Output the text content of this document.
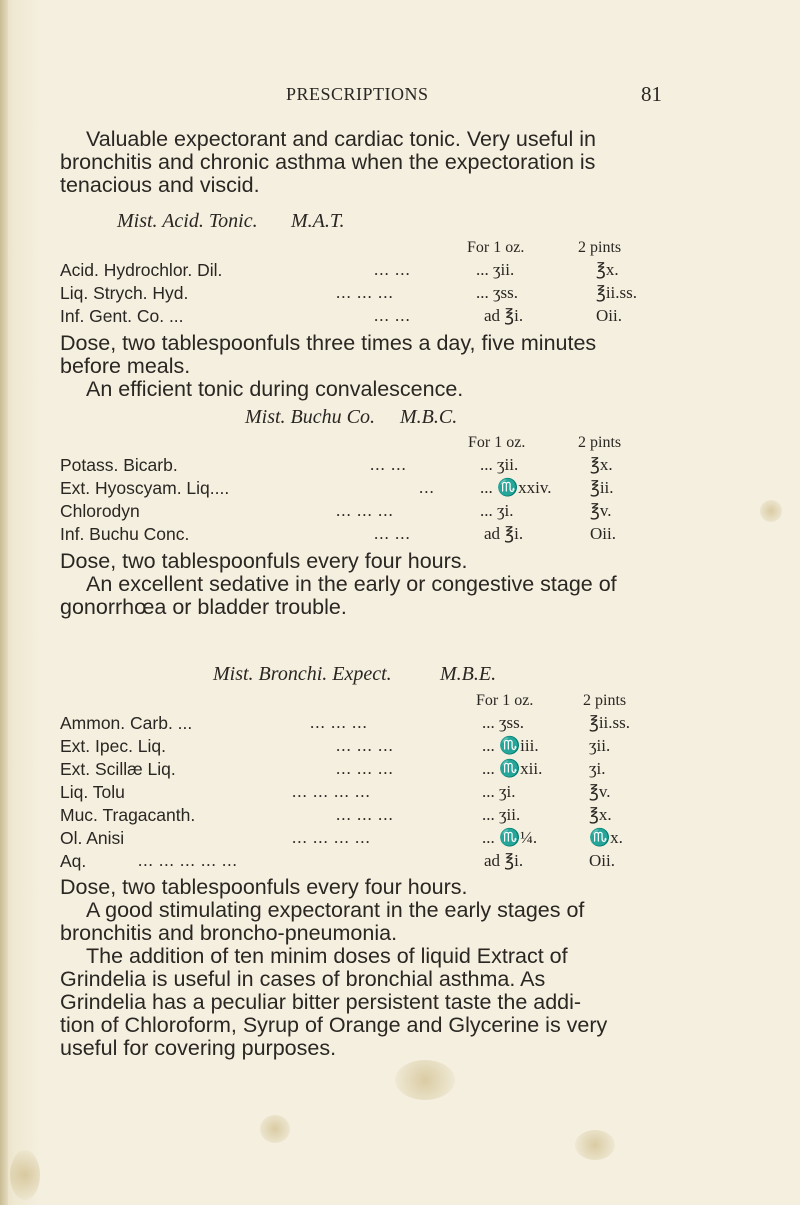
PRESCRIPTIONS	81
Valuable expectorant and cardiac tonic. Very useful in
bronchitis and chronic asthma when the expectoration is
tenacious and viscid.
Mist. Acid. Tonic. M.A.T.
For 1 oz.	2 pints
Acid. Hydrochlor. Dil.	... ...	... ʒii.	℥x.
Liq. Strych. Hyd.	... ... ...	... ʒss.	℥ii.ss.
Inf. Gent. Co. ...	... ...	ad ℥i.	Oii.
Dose, two tablespoonfuls three times a day, five minutes
before meals.
An efficient tonic during convalescence.
Mist. Buchu Co. M.B.C.
For 1 oz.	2 pints
Potass. Bicarb.	... ...	... ʒii.	℥x.
Ext. Hyoscyam. Liq....	...	... ♏xxiv. ℥ii.
Chlorodyn	... ... ...	... ʒi.	℥v.
Inf. Buchu Conc.	... ...	ad ℥i.	Oii.
Dose, two tablespoonfuls every four hours.
An excellent sedative in the early or congestive stage of
gonorrhœa or bladder trouble.
Mist. Bronchi. Expect. M.B.E.
For 1 oz.	2 pints
Ammon. Carb. ...	... ... ...	... ʒss.	℥ii.ss.
Ext. Ipec. Liq.	... ... ...	... ♏iii.	ʒii.
Ext. Scillæ Liq.	... ... ...	... ♏xii.	ʒi.
Liq. Tolu	... ... ... ...	... ʒi.	℥v.
Muc. Tragacanth.	... ... ...	... ʒii.	℥x.
Ol. Anisi	... ... ... ...	... ♏¼.	♏x.
Aq.	... ... ... ... ...	ad ℥i.	Oii.
Dose, two tablespoonfuls every four hours.
A good stimulating expectorant in the early stages of
bronchitis and broncho-pneumonia.
The addition of ten minim doses of liquid Extract of
Grindelia is useful in cases of bronchial asthma. As
Grindelia has a peculiar bitter persistent taste the addi-
tion of Chloroform, Syrup of Orange and Glycerine is very
useful for covering purposes.
